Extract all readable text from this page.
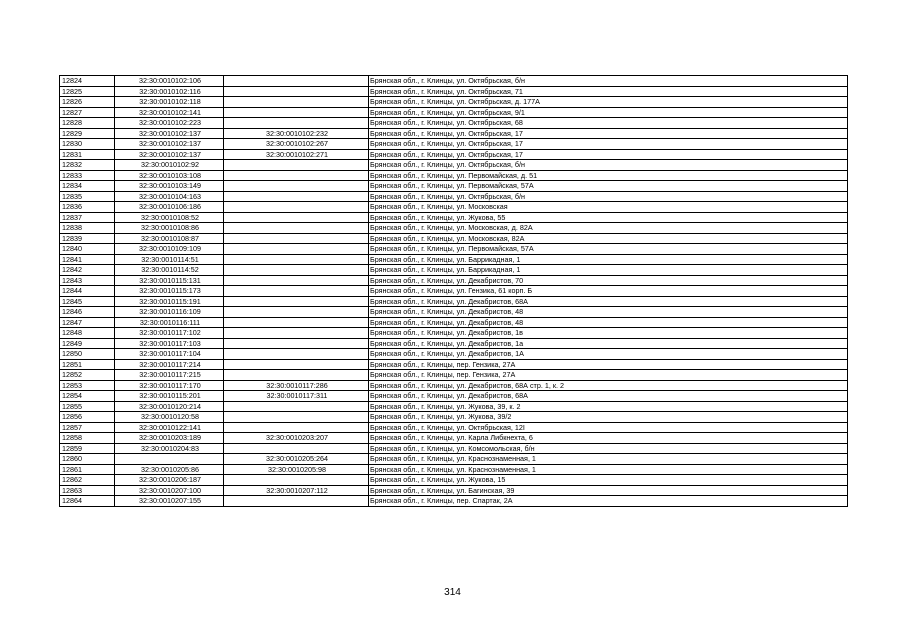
12824	32:30:0010102:106		Брянская обл., г. Клинцы, ул. Октябрьская, б/н
12825	32:30:0010102:116		Брянская обл., г. Клинцы, ул. Октябрьская, 71
12826	32:30:0010102:118		Брянская обл., г. Клинцы, ул. Октябрьская, д. 177А
12827	32:30:0010102:141		Брянская обл., г. Клинцы, ул. Октябрьская, 9/1
12828	32:30:0010102:223		Брянская обл., г. Клинцы, ул. Октябрьская, 68
12829	32:30:0010102:137	32:30:0010102:232	Брянская обл., г. Клинцы, ул. Октябрьская, 17
12830	32:30:0010102:137	32:30:0010102:267	Брянская обл., г. Клинцы, ул. Октябрьская, 17
12831	32:30:0010102:137	32:30:0010102:271	Брянская обл., г. Клинцы, ул. Октябрьская, 17
12832	32:30:0010102:92		Брянская обл., г. Клинцы, ул. Октябрьская, б/н
12833	32:30:0010103:108		Брянская обл., г. Клинцы, ул. Первомайская, д. 51
12834	32:30:0010103:149		Брянская обл., г. Клинцы, ул. Первомайская, 57А
12835	32:30:0010104:163		Брянская обл., г. Клинцы, ул. Октябрьская, б/н
12836	32:30:0010106:186		Брянская обл., г. Клинцы, ул. Московская
12837	32:30:0010108:52		Брянская обл., г. Клинцы, ул. Жукова, 55
12838	32:30:0010108:86		Брянская обл., г. Клинцы, ул. Московская, д. 82А
12839	32:30:0010108:87		Брянская обл., г. Клинцы, ул. Московская, 82А
12840	32:30:0010109:109		Брянская обл., г. Клинцы, ул. Первомайская, 57А
12841	32:30:0010114:51		Брянская обл., г. Клинцы, ул. Баррикадная, 1
12842	32:30:0010114:52		Брянская обл., г. Клинцы, ул. Баррикадная, 1
12843	32:30:0010115:131		Брянская обл., г. Клинцы, ул. Декабристов, 70
12844	32:30:0010115:173		Брянская обл., г. Клинцы, ул. Гензика, 61 корп. Б
12845	32:30:0010115:191		Брянская обл., г. Клинцы, ул. Декабристов, 68А
12846	32:30:0010116:109		Брянская обл., г. Клинцы, ул. Декабристов, 48
12847	32:30:0010116:111		Брянская обл., г. Клинцы, ул. Декабристов, 48
12848	32:30:0010117:102		Брянская обл., г. Клинцы, ул. Декабристов, 1в
12849	32:30:0010117:103		Брянская обл., г. Клинцы, ул. Декабристов, 1а
12850	32:30:0010117:104		Брянская обл., г. Клинцы, ул. Декабристов, 1А
12851	32:30:0010117:214		Брянская обл., г. Клинцы, пер. Гензика, 27А
12852	32:30:0010117:215		Брянская обл., г. Клинцы, пер. Гензика, 27А
12853	32:30:0010117:170	32:30:0010117:286	Брянская обл., г. Клинцы, ул. Декабристов, 68А стр. 1, к. 2
12854	32:30:0010115:201	32:30:0010117:311	Брянская обл., г. Клинцы, ул. Декабристов, 68А
12855	32:30:0010120:214		Брянская обл., г. Клинцы, ул. Жукова, 39, к. 2
12856	32:30:0010120:58		Брянская обл., г. Клинцы, ул. Жукова, 39/2
12857	32:30:0010122:141		Брянская обл., г. Клинцы, ул. Октябрьская, 12I
12858	32:30:0010203:189	32:30:0010203:207	Брянская обл., г. Клинцы, ул. Карла Либкнехта, 6
12859	32:30:0010204:83		Брянская обл., г. Клинцы, ул. Комсомольская, б/н
12860		32:30:0010205:264	Брянская обл., г. Клинцы, ул. Краснознаменная, 1
12861	32:30:0010205:86	32:30:0010205:98	Брянская обл., г. Клинцы, ул. Краснознаменная, 1
12862	32:30:0010206:187		Брянская обл., г. Клинцы, ул. Жукова, 15
12863	32:30:0010207:100	32:30:0010207:112	Брянская обл., г. Клинцы, ул. Багинская, 39
12864	32:30:0010207:155		Брянская обл., г. Клинцы, пер. Спартак, 2А
314
